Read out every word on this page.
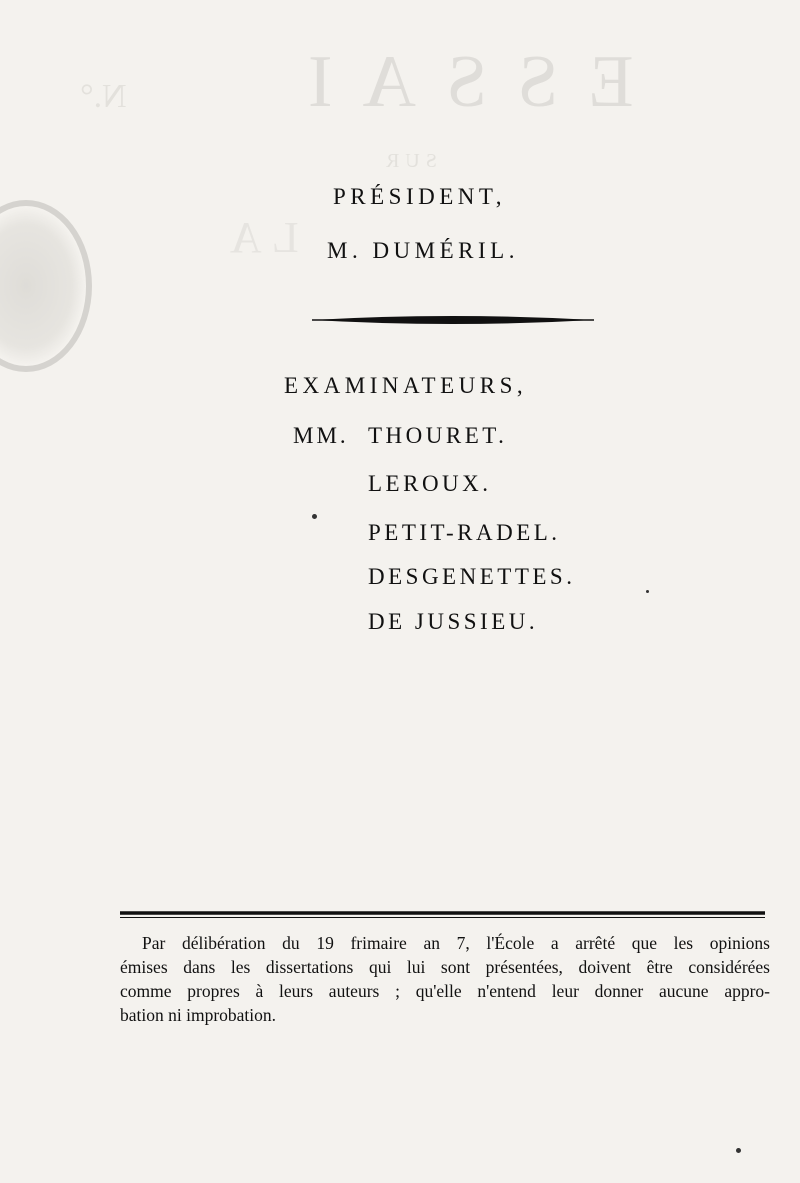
ESSAI
N.°
SUR
LA
PRÉSIDENT,
M. DUMÉRIL.
EXAMINATEURS,
MM. THOURET.
LEROUX.
PETIT-RADEL.
DESGENETTES.
DE JUSSIEU.
Par délibération du 19 frimaire an 7, l'École a arrêté que les opinions
émises dans les dissertations qui lui sont présentées, doivent être considérées
comme propres à leurs auteurs ; qu'elle n'entend leur donner aucune appro-
bation ni improbation.
